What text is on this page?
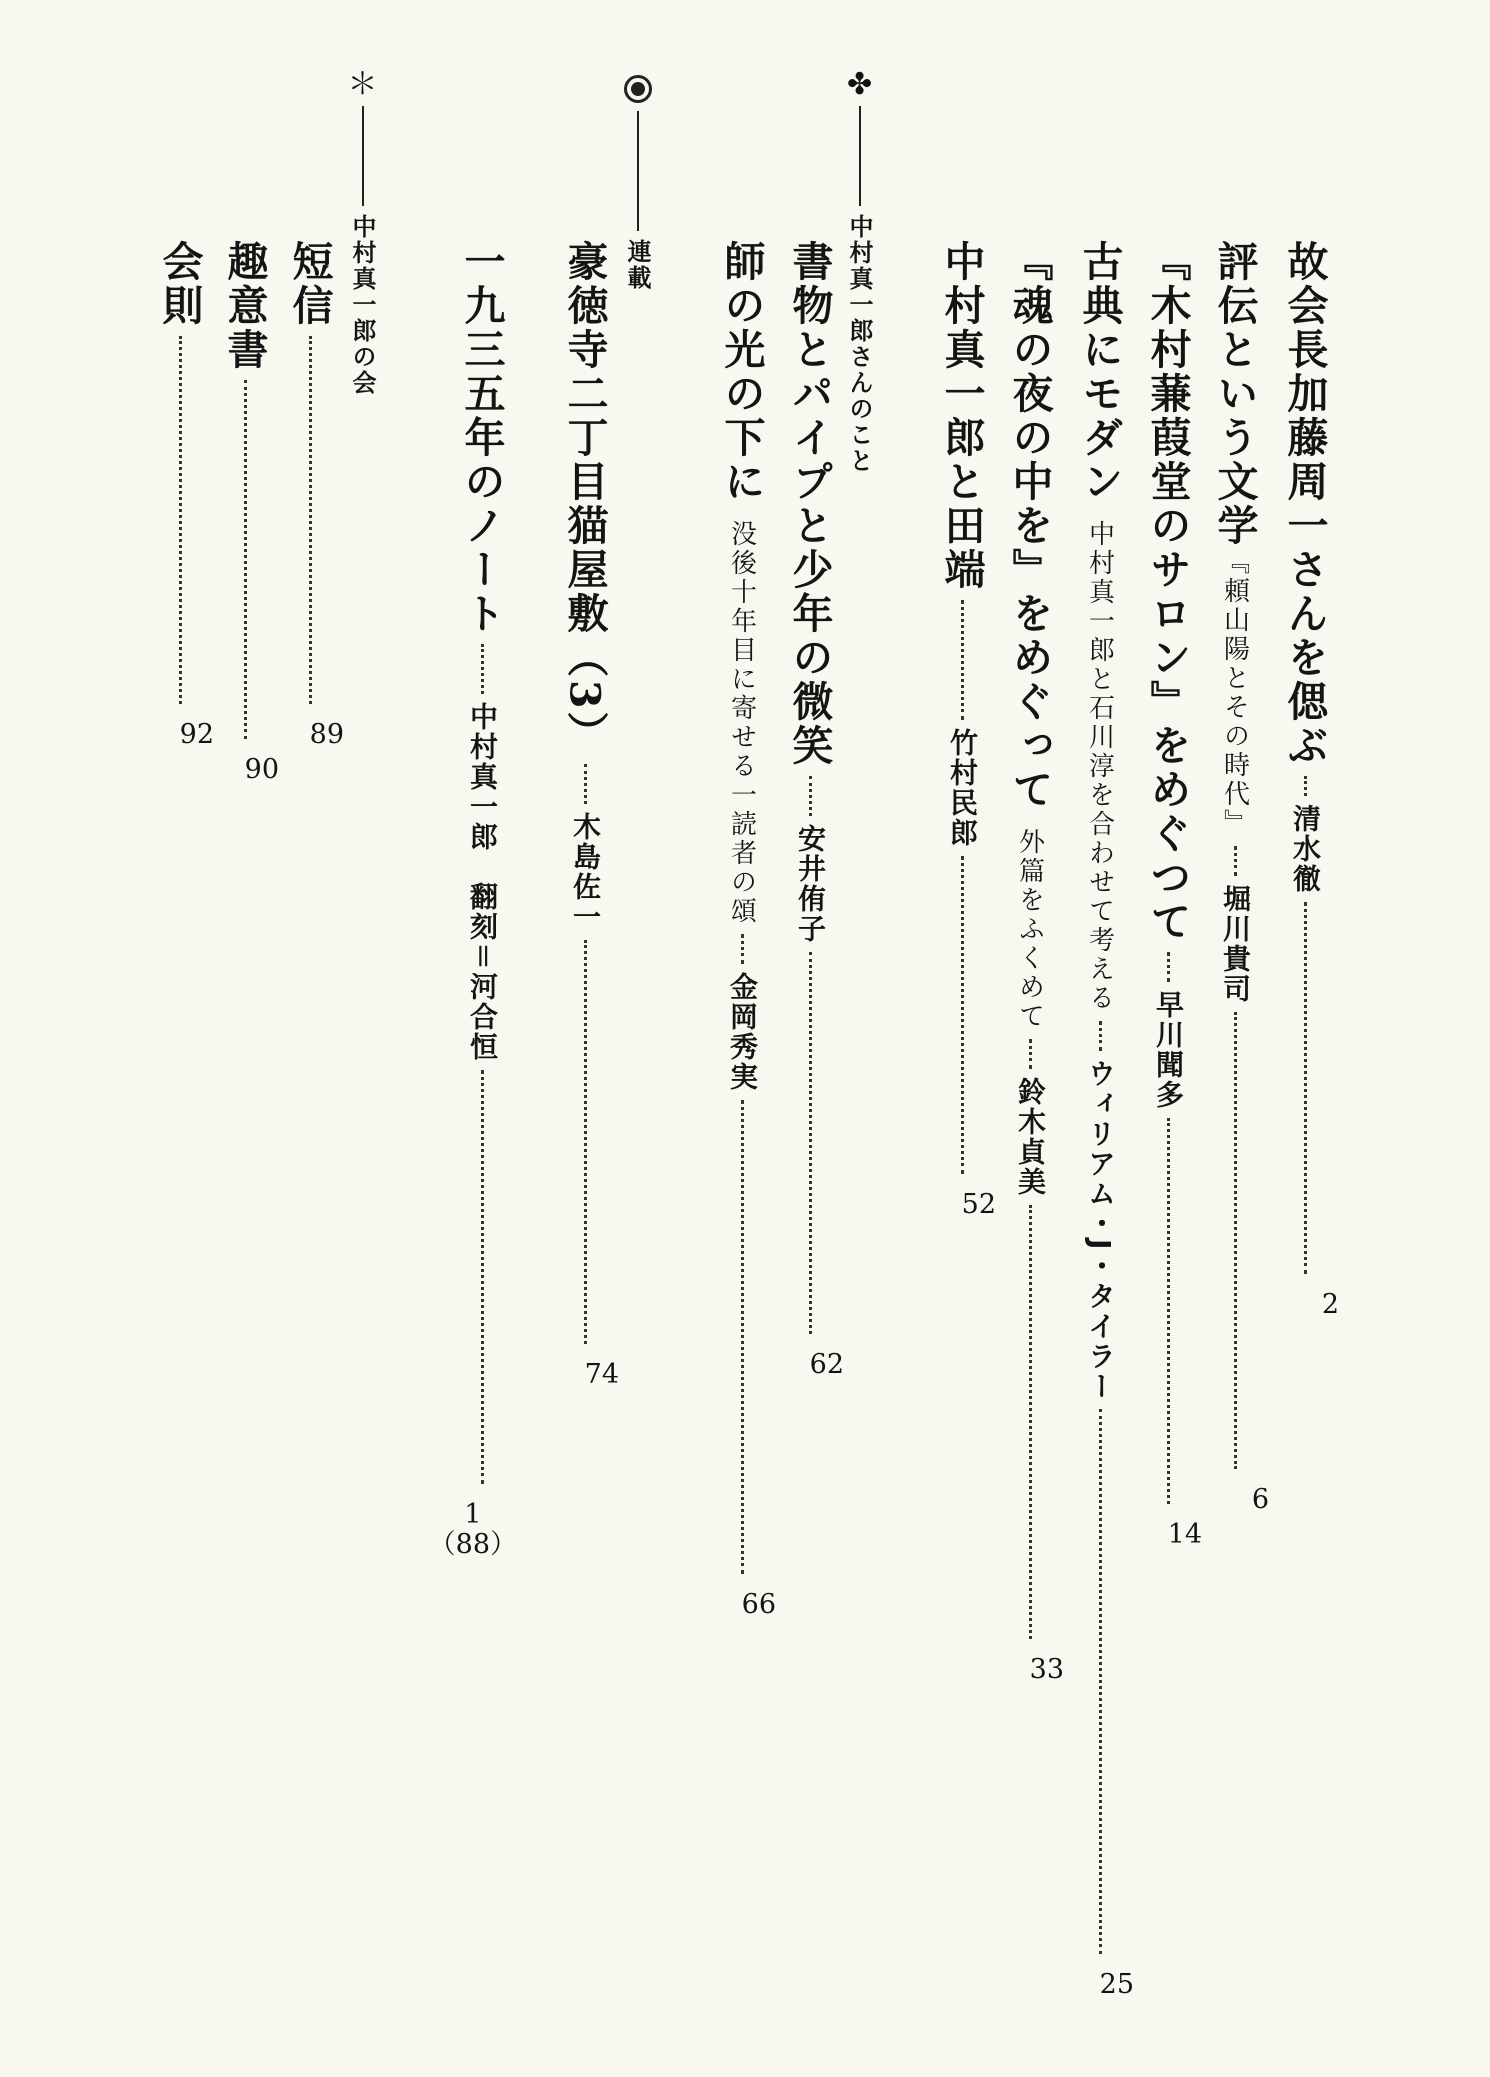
故会長加藤周一さんを偲ぶ
清水徹
2
評伝という文学
『頼山陽とその時代』
堀川貴司
6
『木村蒹葭堂のサロン』をめぐつて
早川聞多
14
古典にモダン
中村真一郎と石川淳を合わせて考える
ウィリアム・J・タイラー
25
『魂の夜の中を』をめぐって
外篇をふくめて
鈴木貞美
33
中村真一郎と田端
竹村民郎
52
✤
中村真一郎さんのこと
書物とパイプと少年の微笑
安井侑子
62
師の光の下に
没後十年目に寄せる一読者の頌
金岡秀実
66
連載
豪徳寺二丁目猫屋敷（3）
木島佐一
74
一九三五年のノート
中村真一郎　翻刻＝河合恒
1
（88）
＊
中村真一郎の会
短信
89
趣意書
90
会則
92
